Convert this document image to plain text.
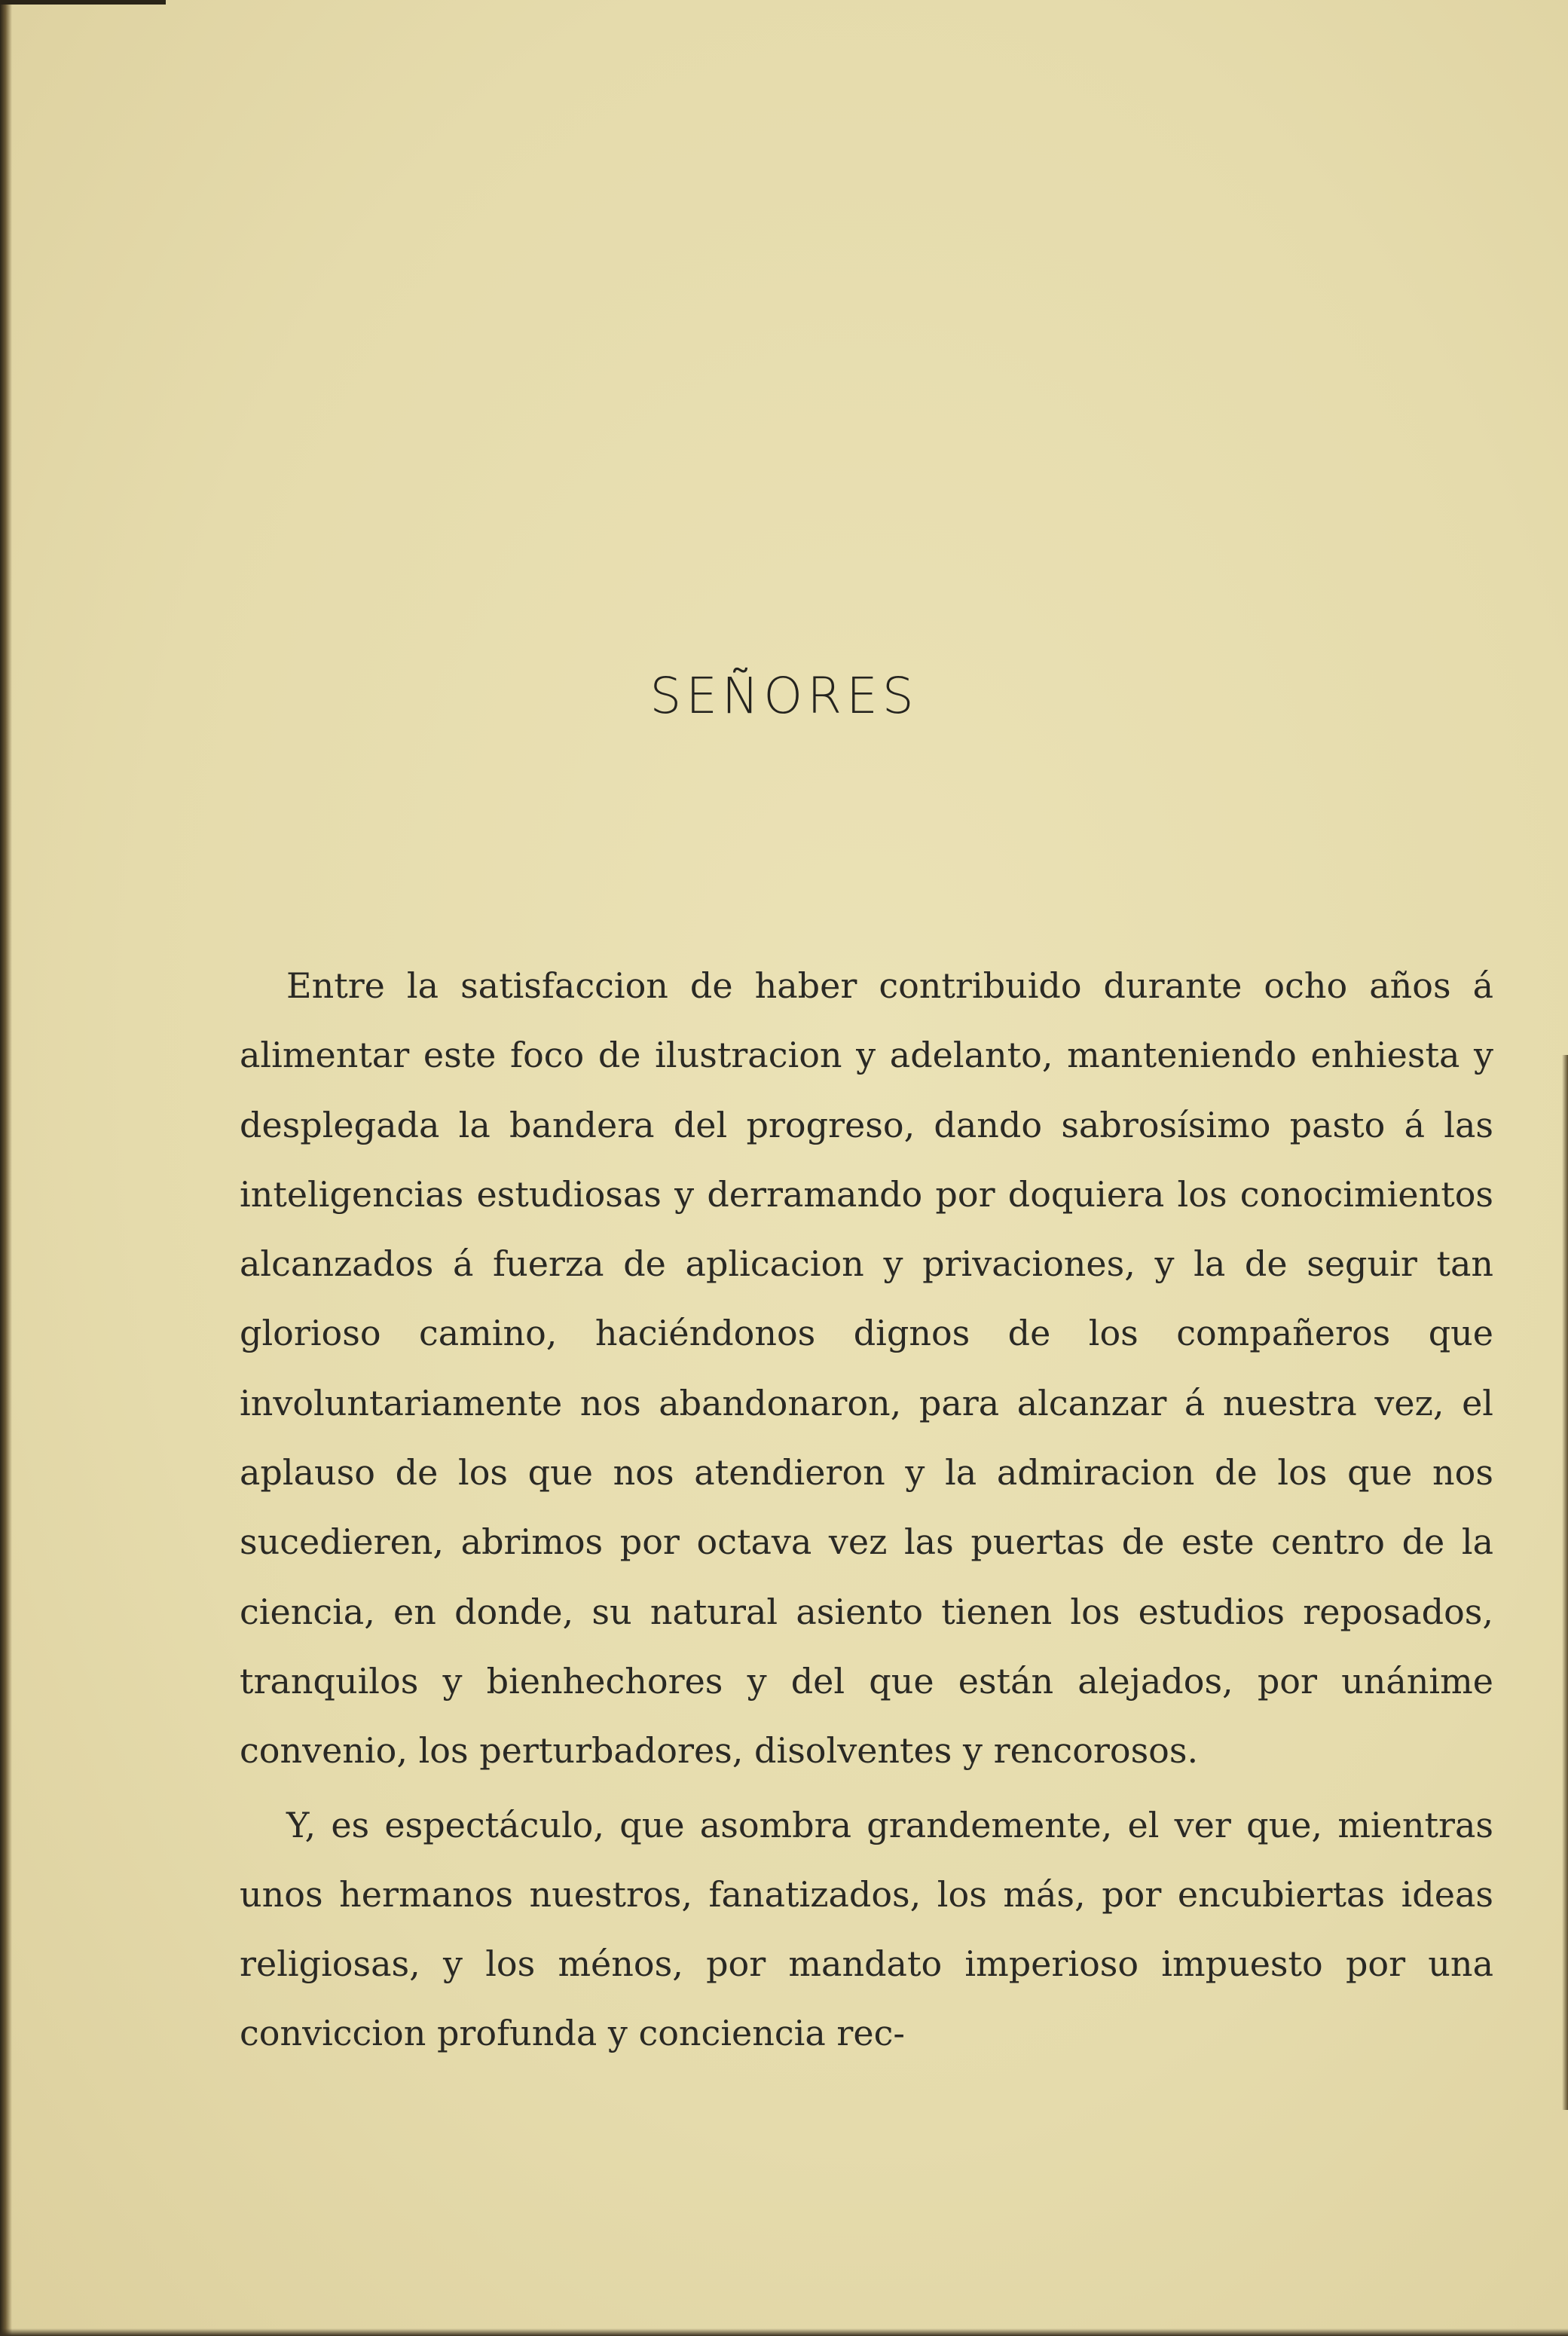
SEÑORES

Entre la satisfaccion de haber contribuido durante ocho años á alimentar este foco de ilustracion y adelanto, manteniendo enhiesta y desplegada la bandera del progreso, dando sabrosísimo pasto á las inteligencias estudiosas y derramando por doquiera los conocimientos alcanzados á fuerza de aplicacion y privaciones, y la de seguir tan glorioso camino, haciéndonos dignos de los compañeros que involuntariamente nos abandonaron, para alcanzar á nuestra vez, el aplauso de los que nos atendieron y la admiracion de los que nos sucedieren, abrimos por octava vez las puertas de este centro de la ciencia, en donde, su natural asiento tienen los estudios reposados, tranquilos y bienhechores y del que están alejados, por unánime convenio, los perturbadores, disolventes y rencorosos.

Y, es espectáculo, que asombra grandemente, el ver que, mientras unos hermanos nuestros, fanatizados, los más, por encubiertas ideas religiosas, y los ménos, por mandato imperioso impuesto por una conviccion profunda y conciencia rec-
